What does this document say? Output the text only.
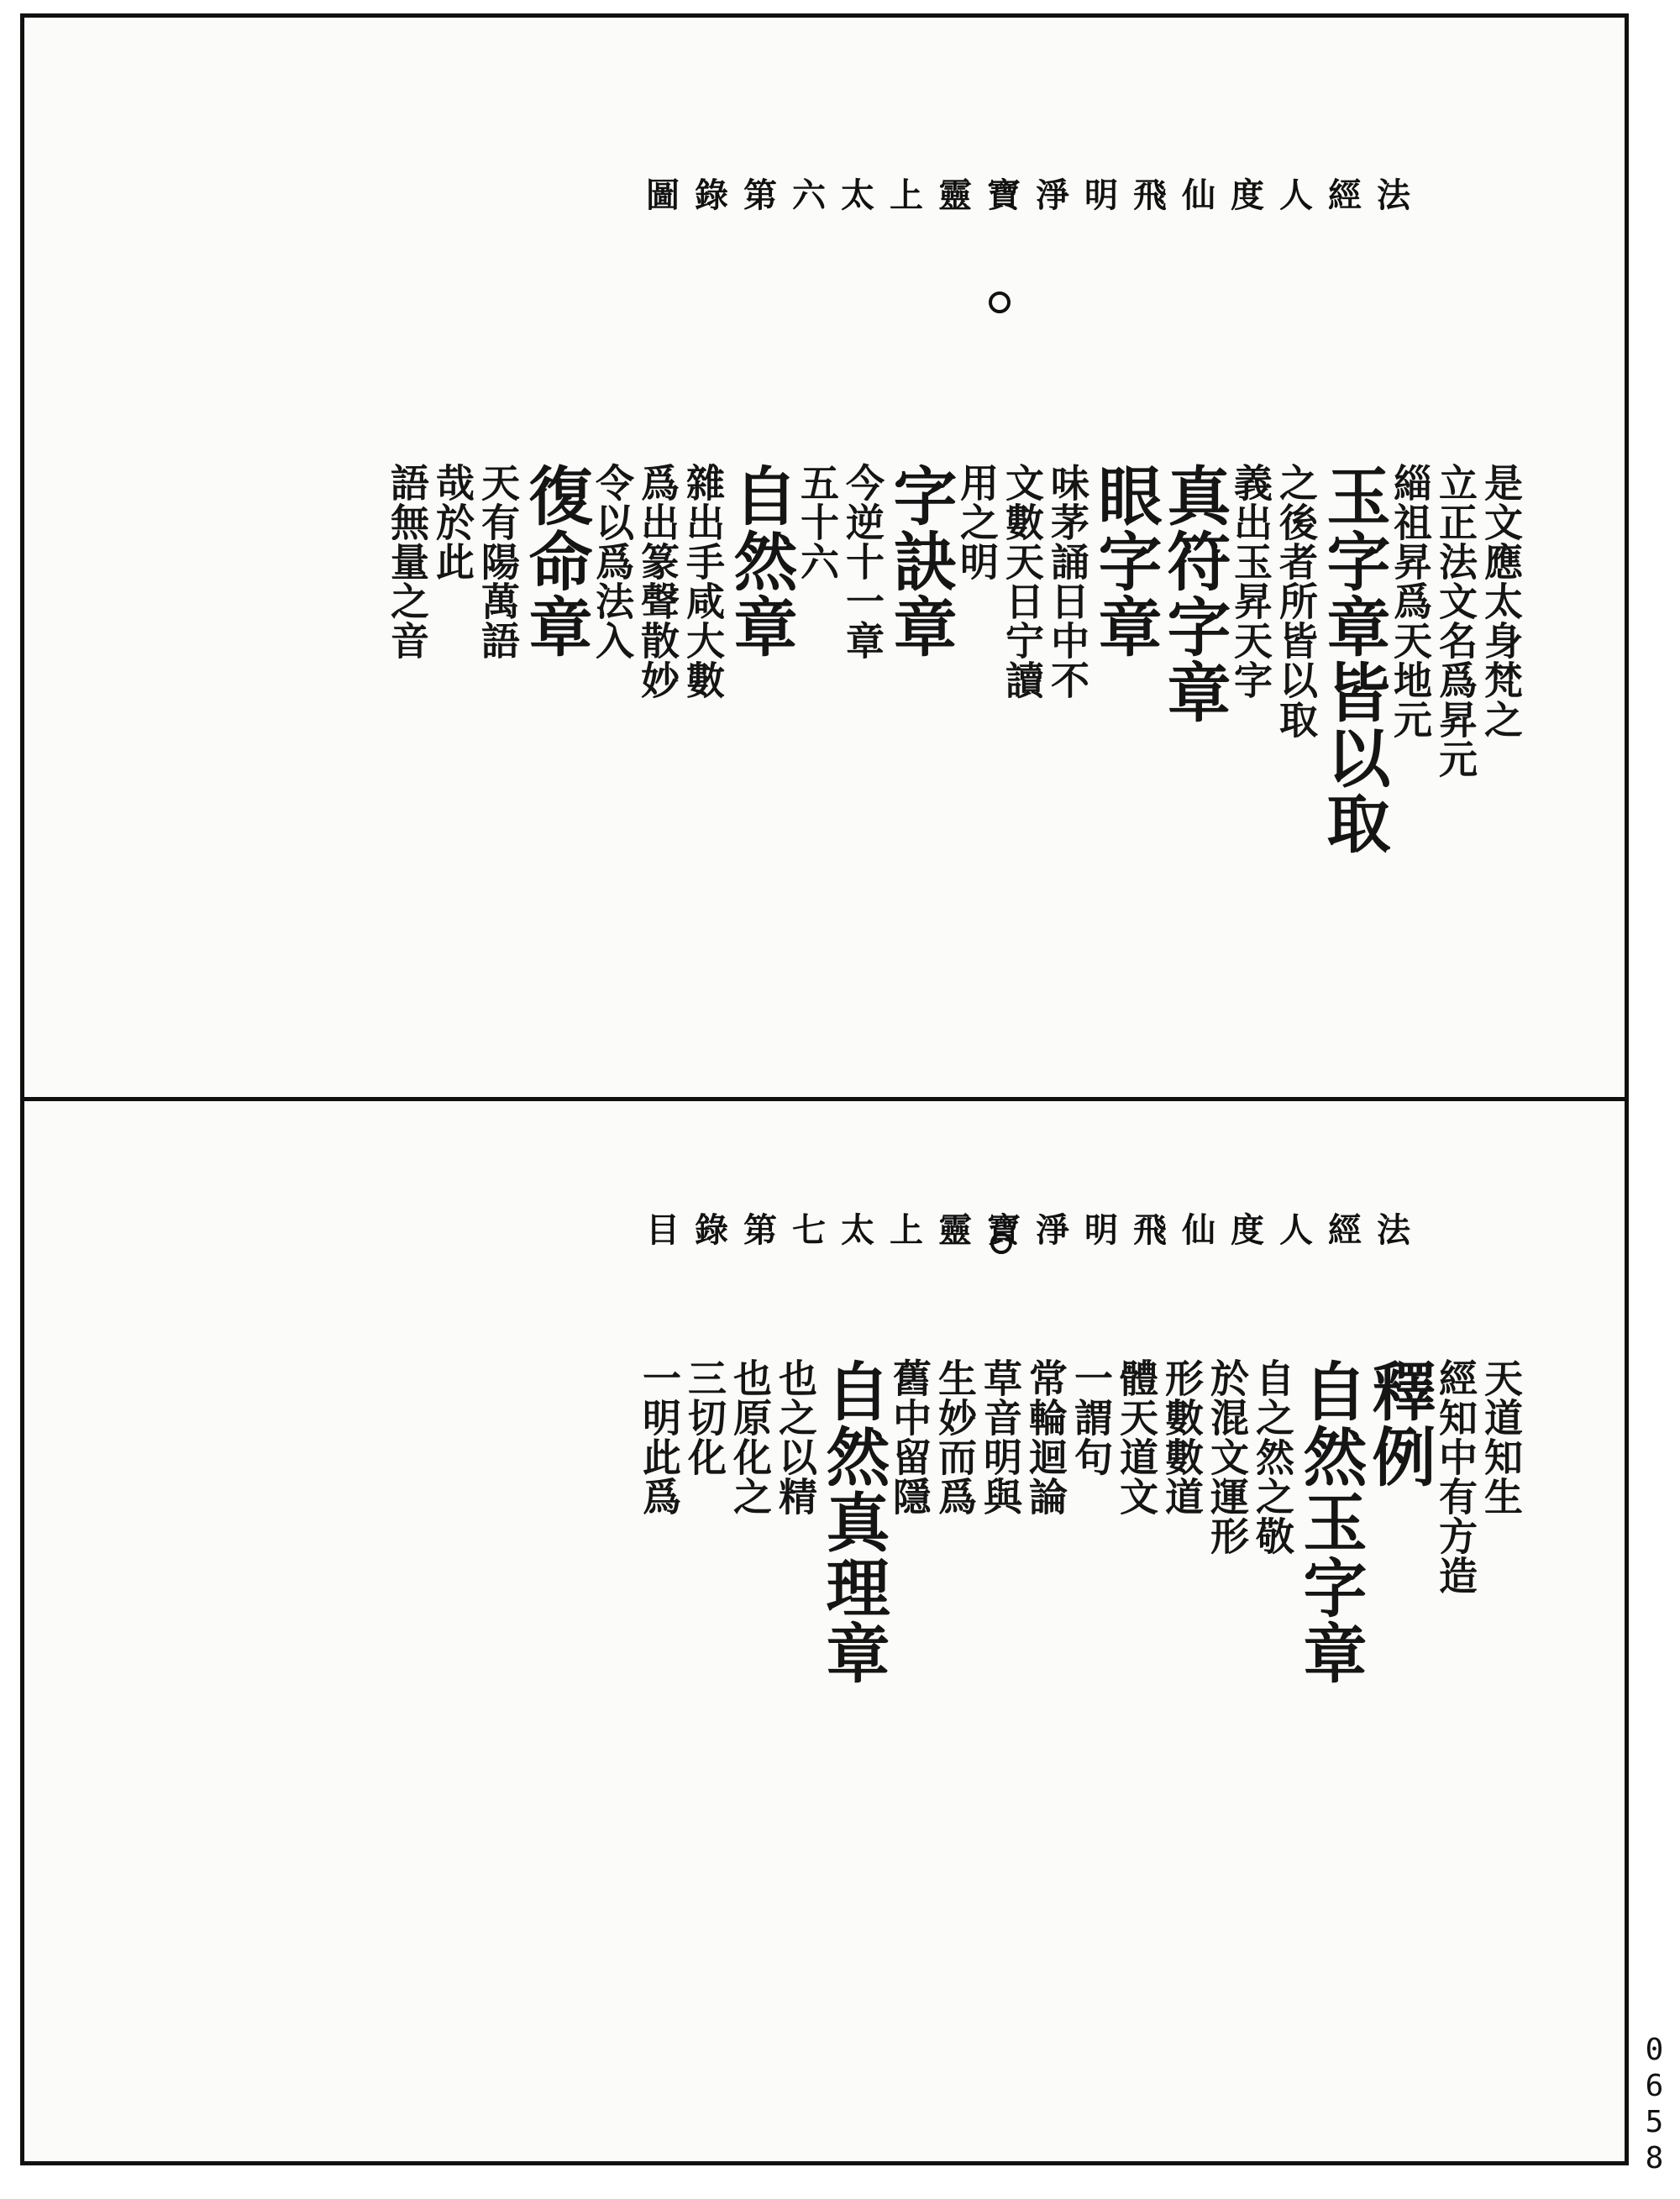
圖錄第六 太上靈寶淨明飛仙度人經法

是文應太身梵之

立正法文名爲昇元

緇祖昇爲天地元

玉字章皆以取

之後者所皆以取

義出玉昇天字

真符字章

眼字章

味茅誦日中不

文數天日宁讀

用之明

字訣章

今逆十一章

五十六

自然章

雜出手咸大數

爲出篆聲散妙

令以爲法入

復命章

天有陽萬語

哉於此

語無量之音

目錄第七 太上靈寶淨明飛仙度人經法

天道知生

經知中有方造

釋例

自然玉字章

自之然之敬

於混文運形

形數數道

體天道文

一謂句

常輪迴論

草音明與

生妙而爲

舊中留隱

自然真理章

也之以精

也原化之

三切化

一明此爲

0658
